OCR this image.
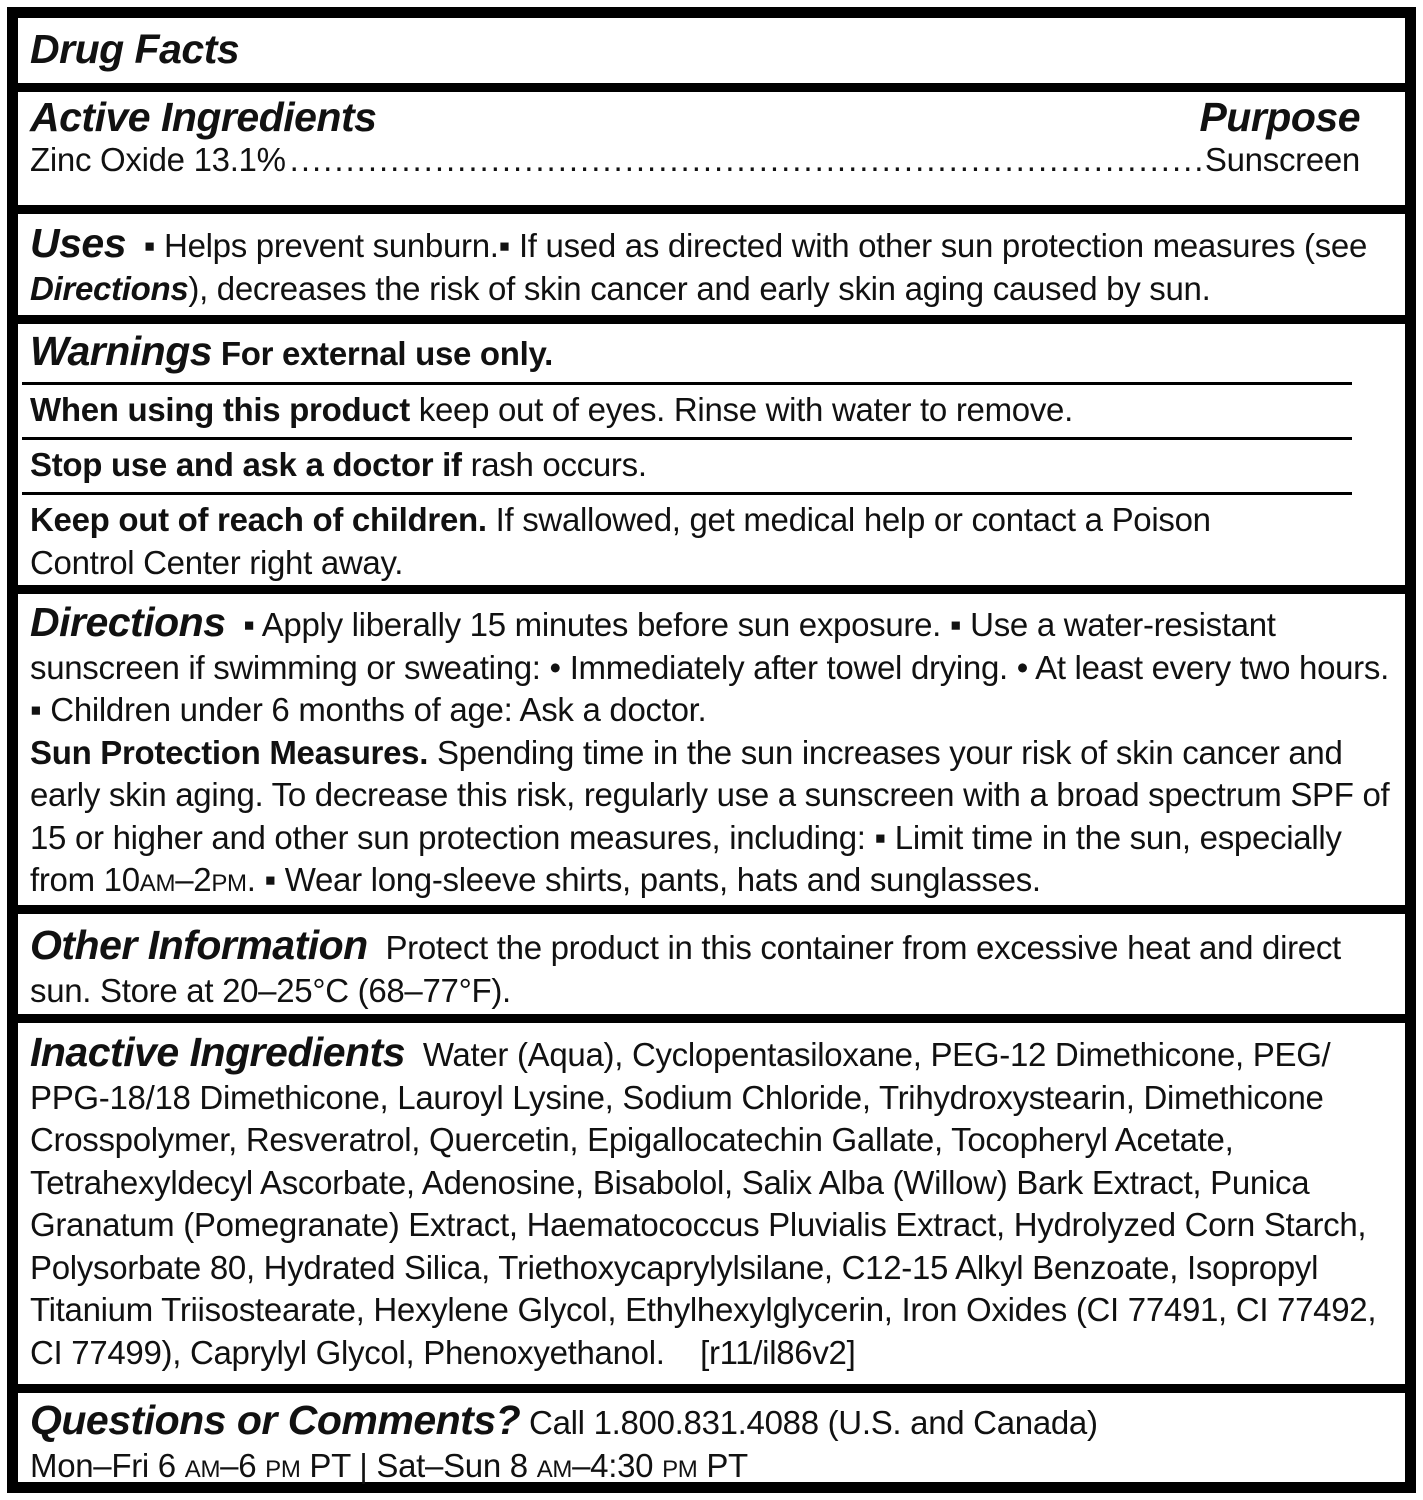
Drug Facts
Active Ingredients	Purpose
Zinc Oxide 13.1%
.....	Sunscreen

Uses ▪ Helps prevent sunburn.▪ If used as directed with other sun protection measures (see Directions), decreases the risk of skin cancer and early skin aging caused by sun.

Warnings For external use only.

When using this product keep out of eyes. Rinse with water to remove.

Stop use and ask a doctor if rash occurs.

Keep out of reach of children. If swallowed, get medical help or contact a Poison Control Center right away.

Directions ▪ Apply liberally 15 minutes before sun exposure. ▪ Use a water-resistant sunscreen if swimming or sweating: • Immediately after towel drying. • At least every two hours. ▪ Children under 6 months of age: Ask a doctor.

Sun Protection Measures. Spending time in the sun increases your risk of skin cancer and early skin aging. To decrease this risk, regularly use a sunscreen with a broad spectrum SPF of 15 or higher and other sun protection measures, including: ▪ Limit time in the sun, especially from 10AM–2PM. ▪ Wear long-sleeve shirts, pants, hats and sunglasses.

Other Information Protect the product in this container from excessive heat and direct sun. Store at 20–25°C (68–77°F).

Inactive Ingredients Water (Aqua), Cyclopentasiloxane, PEG-12 Dimethicone, PEG/ PPG-18/18 Dimethicone, Lauroyl Lysine, Sodium Chloride, Trihydroxystearin, Dimethicone Crosspolymer, Resveratrol, Quercetin, Epigallocatechin Gallate, Tocopheryl Acetate, Tetrahexyldecyl Ascorbate, Adenosine, Bisabolol, Salix Alba (Willow) Bark Extract, Punica Granatum (Pomegranate) Extract, Haematococcus Pluvialis Extract, Hydrolyzed Corn Starch, Polysorbate 80, Hydrated Silica, Triethoxycaprylylsilane, C12-15 Alkyl Benzoate, Isopropyl Titanium Triisostearate, Hexylene Glycol, Ethylhexylglycerin, Iron Oxides (CI 77491, CI 77492, CI 77499), Caprylyl Glycol, Phenoxyethanol. [r11/il86v2]

Questions or Comments? Call 1.800.831.4088 (U.S. and Canada)

Mon–Fri 6 AM–6 PM PT | Sat–Sun 8 AM–4:30 PM PT
